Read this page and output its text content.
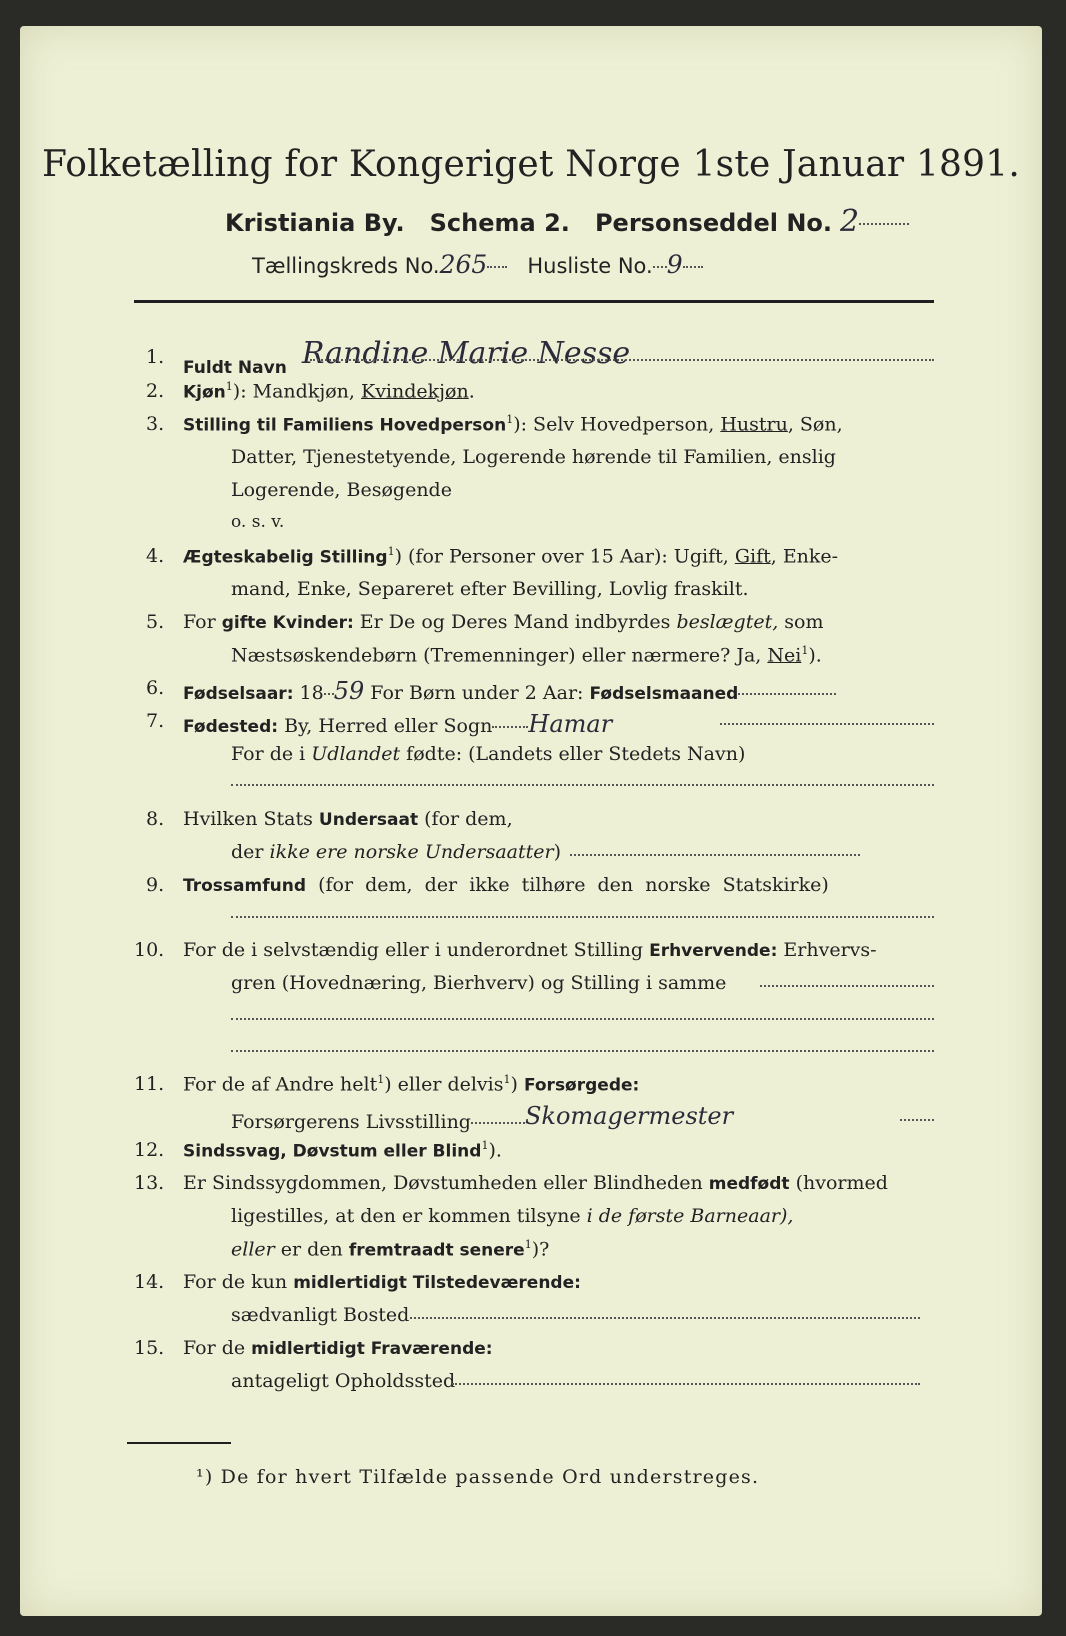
Folketælling for Kongeriget Norge 1ste Januar 1891.
Kristiania By. Schema 2. Personseddel No. 2
Tællingskreds No.265 Husliste No. 9
1. Fuldt Navn Randine Marie Nesse
2. Kjøn$^1$): Mandkjøn, Kvindekjøn.
3. Stilling til Familiens Hovedperson$^1$): Selv Hovedperson, Hustru, Søn,
Datter, Tjenestetyende, Logerende hørende til Familien, enslig
Logerende, Besøgende
o. s. v.
4. Ægteskabelig Stilling$^1$) (for Personer over 15 Aar): Ugift, Gift, Enke-
mand, Enke, Separeret efter Bevilling, Lovlig fraskilt.
5. For gifte Kvinder: Er De og Deres Mand indbyrdes beslægtet, som
Næstsøskendebørn (Tremenninger) eller nærmere? Ja, Nei$^1$).
6. Fødselsaar: 18 59 For Børn under 2 Aar: Fødselsmaaned
7. Fødested: By, Herred eller Sogn Hamar
For de i Udlandet fødte: (Landets eller Stedets Navn)
8. Hvilken Stats Undersaat (for dem,
der ikke ere norske Undersaatter)
9. Trossamfund  (for  dem,  der  ikke  tilhøre  den  norske  Statskirke)
10. For de i selvstændig eller i underordnet Stilling Erhvervende: Erhvervs-
gren (Hovednæring, Bierhverv) og Stilling i samme
11. For de af Andre helt$^1$) eller delvis$^1$) Forsørgede:
Forsørgerens Livsstilling Skomagermester
12. Sindssvag, Døvstum eller Blind$^1$).
13. Er Sindssygdommen, Døvstumheden eller Blindheden medfødt (hvormed
ligestilles, at den er kommen tilsyne i de første Barneaar),
eller er den fremtraadt senere$^1$)?
14. For de kun midlertidigt Tilstedeværende:
sædvanligt Bosted
15. For de midlertidigt Fraværende:
antageligt Opholdssted
¹) De for hvert Tilfælde passende Ord understreges.
